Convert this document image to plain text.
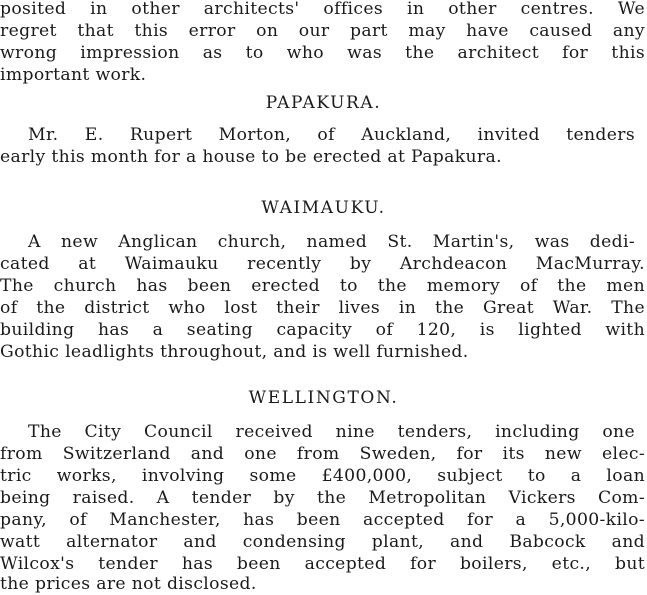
posited in other architects' offices in other centres. We
regret that this error on our part may have caused any
wrong impression as to who was the architect for this
important work.
PAPAKURA.
Mr. E. Rupert Morton, of Auckland, invited tenders
early this month for a house to be erected at Papakura.
WAIMAUKU.
A new Anglican church, named St. Martin's, was dedi-
cated at Waimauku recently by Archdeacon MacMurray.
The church has been erected to the memory of the men
of the district who lost their lives in the Great War. The
building has a seating capacity of 120, is lighted with
Gothic leadlights throughout, and is well furnished.
WELLINGTON.
The City Council received nine tenders, including one
from Switzerland and one from Sweden, for its new elec-
tric works, involving some £400,000, subject to a loan
being raised. A tender by the Metropolitan Vickers Com-
pany, of Manchester, has been accepted for a 5,000-kilo-
watt alternator and condensing plant, and Babcock and
Wilcox's tender has been accepted for boilers, etc., but
the prices are not disclosed.
